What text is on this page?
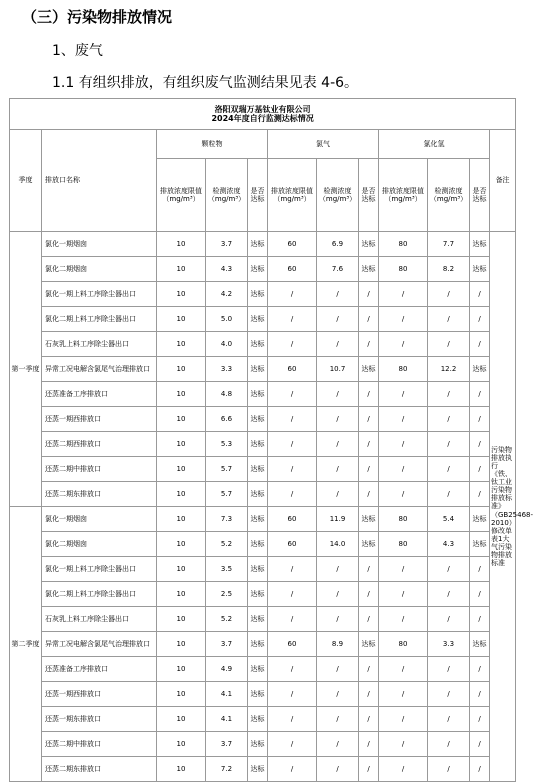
（三）污染物排放情况
1、废气
1.1 有组织排放，有组织废气监测结果见表 4-6。
洛阳双瑞万基钛业有限公司
2024年度自行监测达标情况											

季度	排放口名称	颗粒物			氯气			氯化氢			备注
		排放浓度限值（mg/m³）	检测浓度（mg/m³）	是否达标	排放浓度限值（mg/m³）	检测浓度（mg/m³）	是否达标	排放浓度限值（mg/m³）	检测浓度（mg/m³）	是否达标	
第一季度	氯化一期烟囱	10	3.7	达标	60	6.9	达标	80	7.7	达标	污染物排放执行《铁、钛工业污染物排放标准》（GB25468-2010）修改单表1大气污染物排放标准
	氯化二期烟囱	10	4.3	达标	60	7.6	达标	80	8.2	达标	
	氯化一期上料工序除尘器出口	10	4.2	达标	/	/	/	/	/	/	
	氯化二期上料工序除尘器出口	10	5.0	达标	/	/	/	/	/	/	
	石灰乳上料工序除尘器出口	10	4.0	达标	/	/	/	/	/	/	
	异常工况电解含氯尾气治理排放口	10	3.3	达标	60	10.7	达标	80	12.2	达标	
	还蒸准备工序排放口	10	4.8	达标	/	/	/	/	/	/	
	还蒸一期西排放口	10	6.6	达标	/	/	/	/	/	/	
	还蒸二期西排放口	10	5.3	达标	/	/	/	/	/	/	
	还蒸二期中排放口	10	5.7	达标	/	/	/	/	/	/	
	还蒸二期东排放口	10	5.7	达标	/	/	/	/	/	/	
第二季度	氯化一期烟囱	10	7.3	达标	60	11.9	达标	80	5.4	达标	
	氯化二期烟囱	10	5.2	达标	60	14.0	达标	80	4.3	达标	
	氯化一期上料工序除尘器出口	10	3.5	达标	/	/	/	/	/	/	
	氯化二期上料工序除尘器出口	10	2.5	达标	/	/	/	/	/	/	
	石灰乳上料工序除尘器出口	10	5.2	达标	/	/	/	/	/	/	
	异常工况电解含氯尾气治理排放口	10	3.7	达标	60	8.9	达标	80	3.3	达标	
	还蒸准备工序排放口	10	4.9	达标	/	/	/	/	/	/	
	还蒸一期西排放口	10	4.1	达标	/	/	/	/	/	/	
	还蒸一期东排放口	10	4.1	达标	/	/	/	/	/	/	
	还蒸二期中排放口	10	3.7	达标	/	/	/	/	/	/	
	还蒸二期东排放口	10	7.2	达标	/	/	/	/	/	/	
